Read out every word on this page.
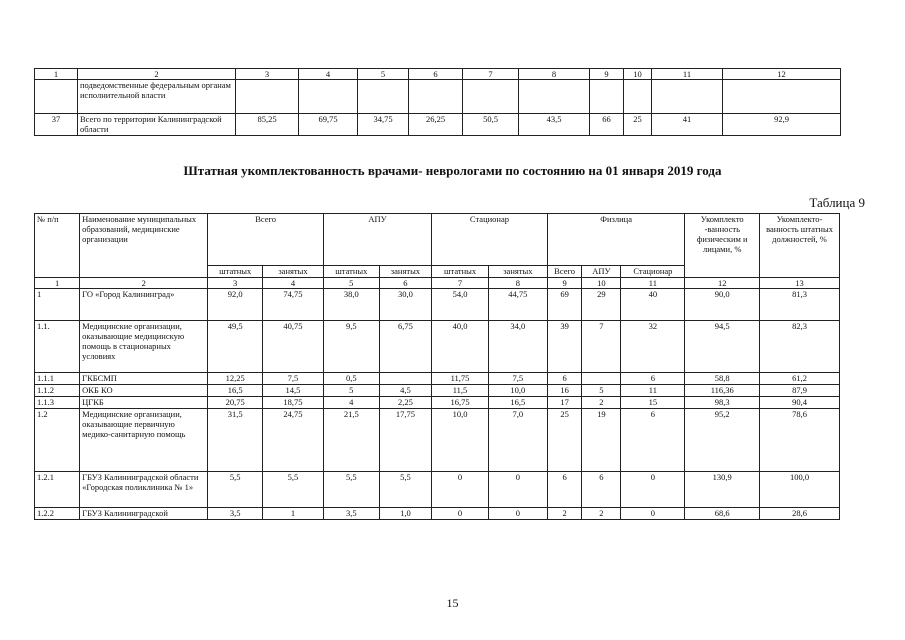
1	2	3	4	5	6	7	8	9	10	11	12
	подведомственные федеральным органам исполнительной власти										
37	Всего по территории Калининградской области	85,25	69,75	34,75	26,25	50,5	43,5	66	25	41	92,9
Штатная укомплектованность врачами- неврологами по состоянию на 01 января 2019 года
Таблица 9
№ п/п	Наименование муниципальных образований, медицинские организации	Всего		АПУ		Стационар		Физлица			Укомплекто -ванность физическим и лицами, %	Укомплекто-ванность штатных должностей, %
		штатных	занятых	штатных	занятых	штатных	занятых	Всего	АПУ	Стационар		
1	2	3	4	5	6	7	8	9	10	11	12	13
1	ГО «Город Калининград»	92,0	74,75	38,0	30,0	54,0	44,75	69	29	40	90,0	81,3
1.1.	Медицинские организации, оказывающие медицинскую помощь в стационарных условиях	49,5	40,75	9,5	6,75	40,0	34,0	39	7	32	94,5	82,3
1.1.1	ГКБСМП	12,25	7,5	0,5		11,75	7,5	6		6	58,8	61,2
1.1.2	ОКБ КО	16,5	14,5	5	4,5	11,5	10,0	16	5	11	116,36	87,9
1.1.3	ЦГКБ	20,75	18,75	4	2,25	16,75	16,5	17	2	15	98,3	90,4
1.2	Медицинские организации, оказывающие первичную медико-санитарную помощь	31,5	24,75	21,5	17,75	10,0	7,0	25	19	6	95,2	78,6
1.2.1	ГБУЗ Калининградской области «Городская поликлиника № 1»	5,5	5,5	5,5	5,5	0	0	6	6	0	130,9	100,0
1.2.2	ГБУЗ Калининградской	3,5	1	3,5	1,0	0	0	2	2	0	68,6	28,6
15
